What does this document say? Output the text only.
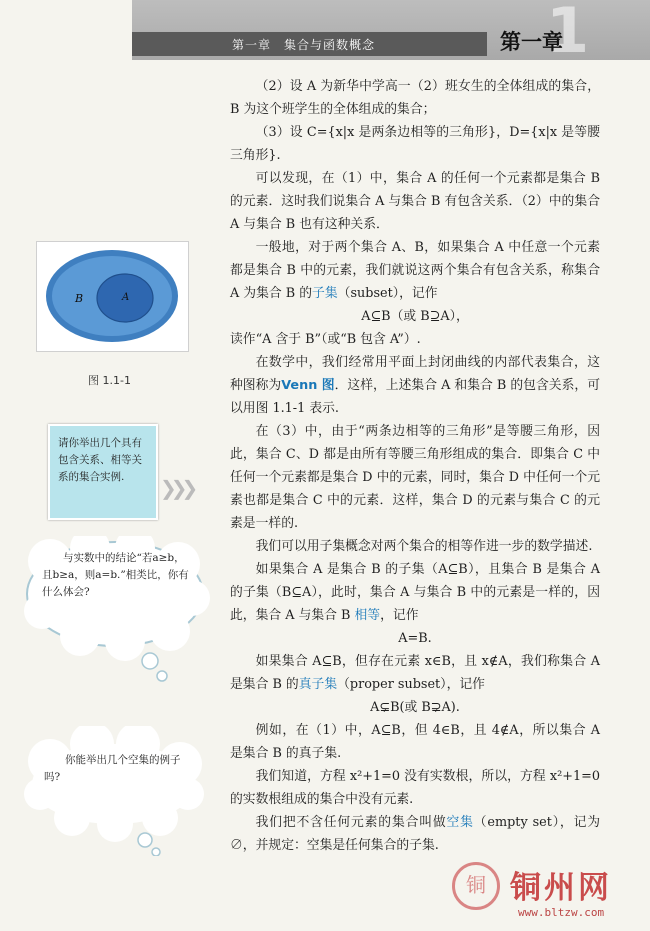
第一章　集合与函数概念	1
第一章
B	A
图 1.1-1
请你举出几个具有包含关系、相等关系的集合实例.	❯❯❯
与实数中的结论“若a≥b，且b≥a，则a=b.”相类比，你有什么体会?
你能举出几个空集的例子吗?

（2）设 A 为新华中学高一（2）班女生的全体组成的集合，B 为这个班学生的全体组成的集合；

（3）设 C={x|x 是两条边相等的三角形}，D={x|x 是等腰三角形}.

可以发现，在（1）中，集合 A 的任何一个元素都是集合 B 的元素．这时我们说集合 A 与集合 B 有包含关系．（2）中的集合 A 与集合 B 也有这种关系．

一般地，对于两个集合 A、B，如果集合 A 中任意一个元素都是集合 B 中的元素，我们就说这两个集合有包含关系，称集合 A 为集合 B 的子集（subset），记作

A⊆B（或 B⊇A），

读作“A 含于 B”（或“B 包含 A”）.

在数学中，我们经常用平面上封闭曲线的内部代表集合，这种图称为Venn 图．这样，上述集合 A 和集合 B 的包含关系，可以用图 1.1-1 表示.

在（3）中，由于“两条边相等的三角形”是等腰三角形，因此，集合 C、D 都是由所有等腰三角形组成的集合．即集合 C 中任何一个元素都是集合 D 中的元素，同时，集合 D 中任何一个元素也都是集合 C 中的元素．这样，集合 D 的元素与集合 C 的元素是一样的.

我们可以用子集概念对两个集合的相等作进一步的数学描述.

如果集合 A 是集合 B 的子集（A⊆B），且集合 B 是集合 A 的子集（B⊆A），此时，集合 A 与集合 B 中的元素是一样的，因此，集合 A 与集合 B 相等，记作

A=B.

如果集合 A⊆B，但存在元素 x∈B，且 x∉A，我们称集合 A 是集合 B 的真子集（proper subset），记作

A⊊B(或 B⊋A).

例如，在（1）中，A⊆B，但 4∈B，且 4∉A，所以集合 A 是集合 B 的真子集.

我们知道，方程 x²+1=0 没有实数根，所以，方程 x²+1=0 的实数根组成的集合中没有元素.

我们把不含任何元素的集合叫做空集（empty set），记为∅，并规定：空集是任何集合的子集.

铜 铜州网
www.bltzw.com
